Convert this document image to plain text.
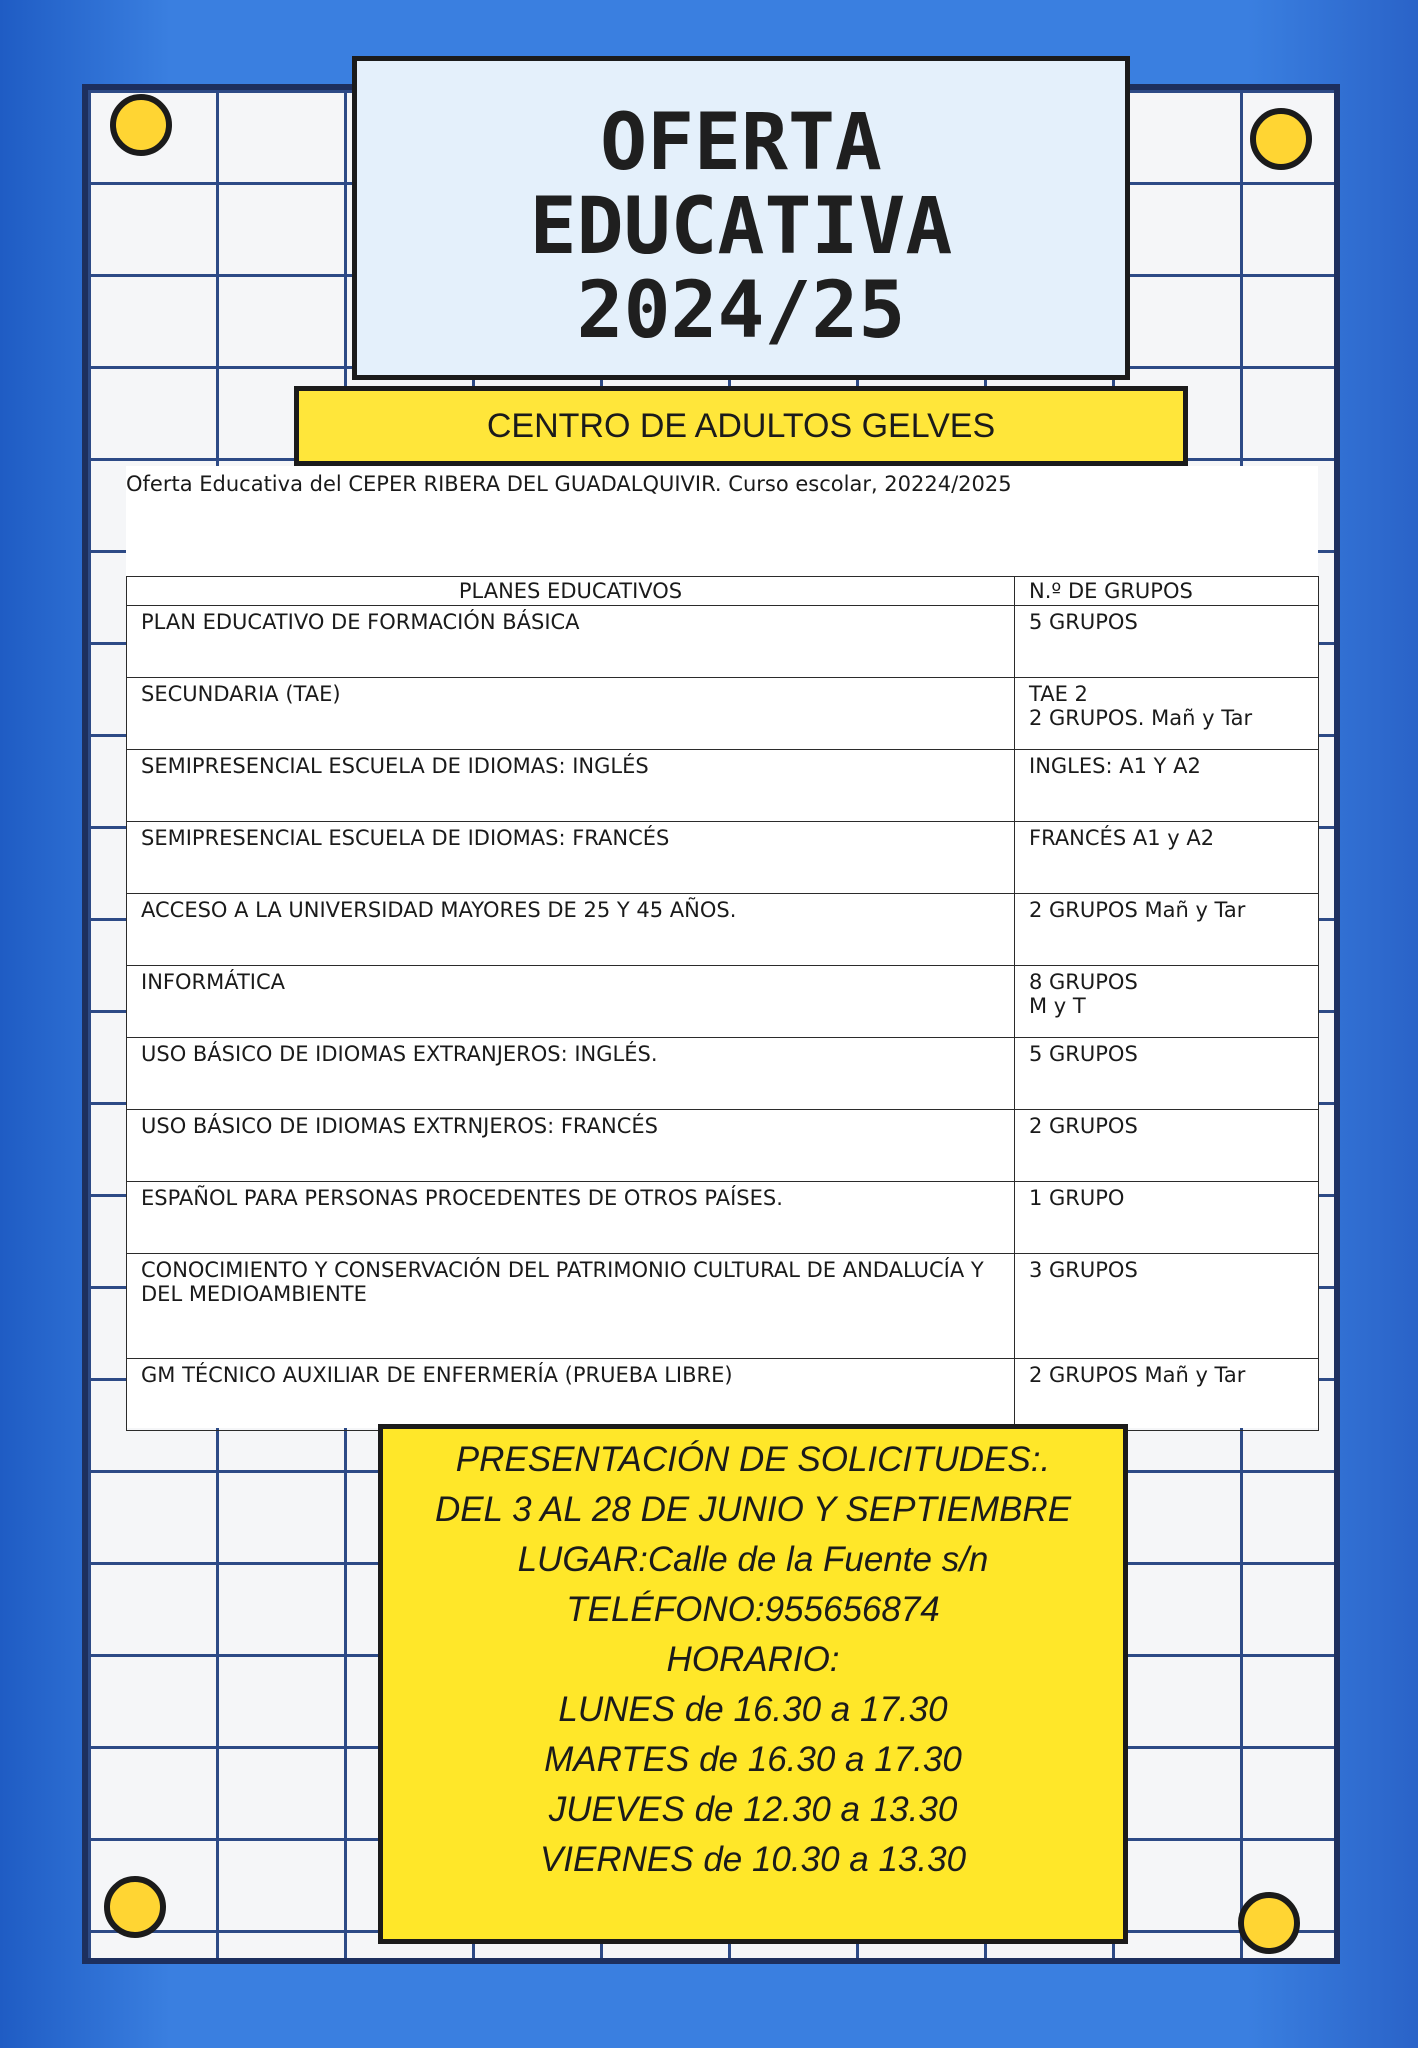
OFERTA
EDUCATIVA
2024/25
CENTRO DE ADULTOS GELVES
Oferta Educativa del CEPER RIBERA DEL GUADALQUIVIR. Curso escolar, 20224/2025
PLANES EDUCATIVOS	N.º DE GRUPOS
PLAN EDUCATIVO DE FORMACIÓN BÁSICA	5 GRUPOS

SECUNDARIA (TAE)	TAE 2
2 GRUPOS. Mañ y Tar

SEMIPRESENCIAL ESCUELA DE IDIOMAS: INGLÉS	INGLES: A1 Y A2

SEMIPRESENCIAL ESCUELA DE IDIOMAS: FRANCÉS	FRANCÉS A1 y A2

ACCESO A LA UNIVERSIDAD MAYORES DE 25 Y 45 AÑOS.	2 GRUPOS Mañ y Tar

INFORMÁTICA	8 GRUPOS
M y T

USO BÁSICO DE IDIOMAS EXTRANJEROS: INGLÉS.	5 GRUPOS

USO BÁSICO DE IDIOMAS EXTRNJEROS: FRANCÉS	2 GRUPOS

ESPAÑOL PARA PERSONAS PROCEDENTES DE OTROS PAÍSES.	1 GRUPO

CONOCIMIENTO Y CONSERVACIÓN DEL PATRIMONIO CULTURAL DE ANDALUCÍA Y DEL MEDIOAMBIENTE	3 GRUPOS

GM TÉCNICO AUXILIAR DE ENFERMERÍA (PRUEBA LIBRE)	2 GRUPOS Mañ y Tar
PRESENTACIÓN DE SOLICITUDES:.
DEL 3 AL 28 DE JUNIO Y SEPTIEMBRE
LUGAR:Calle de la Fuente s/n
TELÉFONO:955656874
HORARIO:
LUNES de 16.30 a 17.30
MARTES de 16.30 a 17.30
JUEVES de 12.30 a 13.30
VIERNES de 10.30 a 13.30
